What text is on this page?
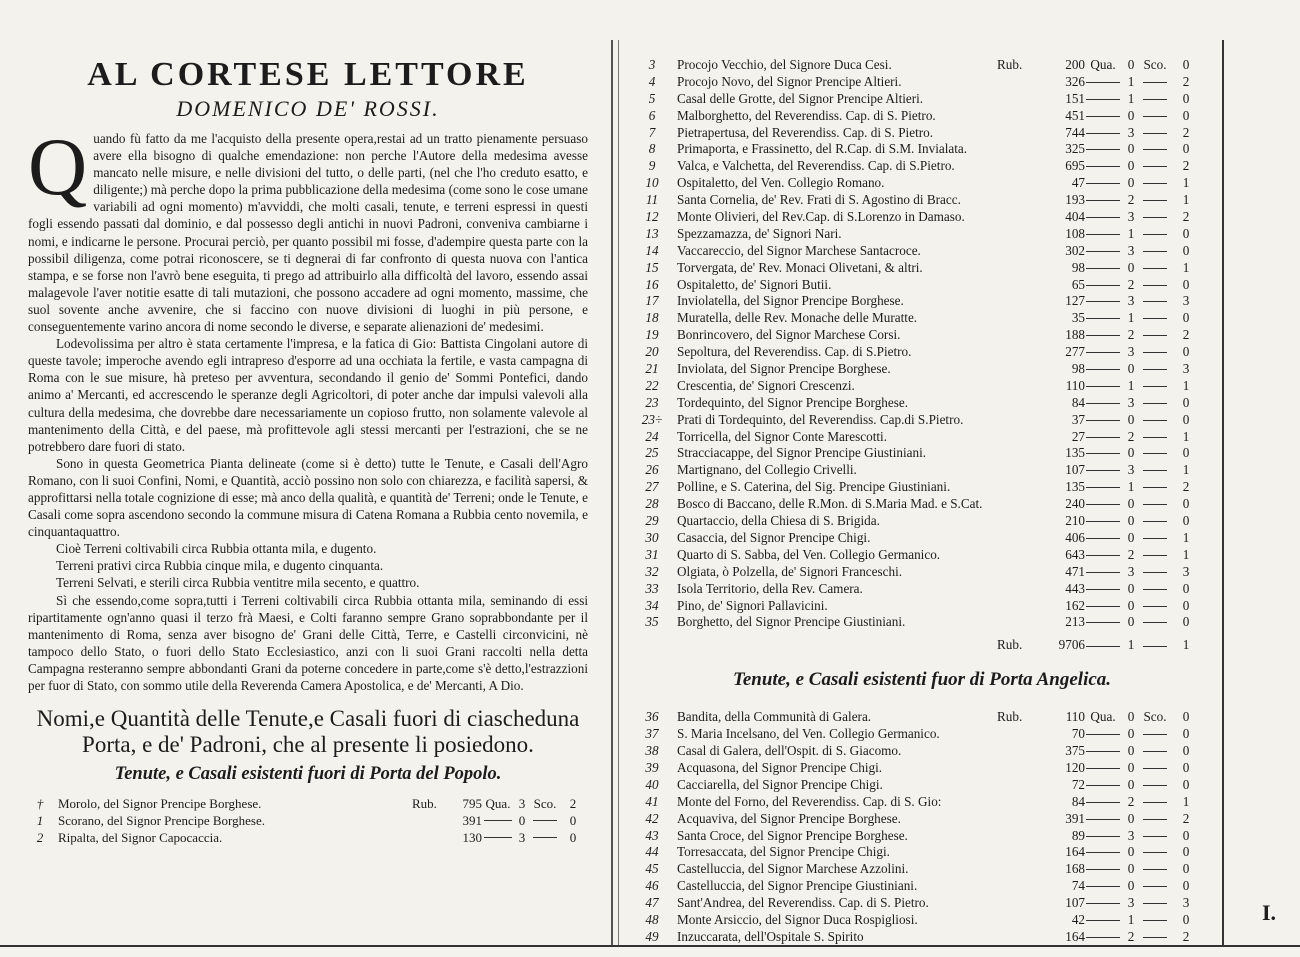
AL CORTESE LETTORE
DOMENICO DE' ROSSI.

Quando fù fatto da me l'acquisto della presente opera,restai ad un tratto pienamente persuaso avere ella bisogno di qualche emendazione: non perche l'Autore della medesima avesse mancato nelle misure, e nelle divisioni del tutto, o delle parti, (nel che l'ho creduto esatto, e diligente;) mà perche dopo la prima pubblicazione della medesima (come sono le cose umane variabili ad ogni momento) m'avviddi, che molti casali, tenute, e terreni espressi in questi fogli essendo passati dal dominio, e dal possesso degli antichi in nuovi Padroni, conveniva cambiarne i nomi, e indicarne le persone. Procurai perciò, per quanto possibil mi fosse, d'adempire questa parte con la possibil diligenza, come potrai riconoscere, se ti degnerai di far confronto di questa nuova con l'antica stampa, e se forse non l'avrò bene eseguita, ti prego ad attribuirlo alla difficoltà del lavoro, essendo assai malagevole l'aver notitie esatte di tali mutazioni, che possono accadere ad ogni momento, massime, che suol sovente anche avvenire, che si faccino con nuove divisioni di luoghi in più persone, e conseguentemente varino ancora di nome secondo le diverse, e separate alienazioni de' medesimi.

Lodevolissima per altro è stata certamente l'impresa, e la fatica di Gio: Battista Cingolani autore di queste tavole; imperoche avendo egli intrapreso d'esporre ad una occhiata la fertile, e vasta campagna di Roma con le sue misure, hà preteso per avventura, secondando il genio de' Sommi Pontefici, dando animo a' Mercanti, ed accrescendo le speranze degli Agricoltori, di poter anche dar impulsi valevoli alla cultura della medesima, che dovrebbe dare necessariamente un copioso frutto, non solamente valevole al mantenimento della Città, e del paese, mà profittevole agli stessi mercanti per l'estrazioni, che se ne potrebbero dare fuori di stato.

Sono in questa Geometrica Pianta delineate (come si è detto) tutte le Tenute, e Casali dell'Agro Romano, con li suoi Confini, Nomi, e Quantità, acciò possino non solo con chiarezza, e facilità sapersi, & approfittarsi nella totale cognizione di esse; mà anco della qualità, e quantità de' Terreni; onde le Tenute, e Casali come sopra ascendono secondo la commune misura di Catena Romana a Rubbia cento novemila, e cinquantaquattro.

Cioè Terreni coltivabili circa Rubbia ottanta mila, e dugento.

Terreni prativi circa Rubbia cinque mila, e dugento cinquanta.

Terreni Selvati, e sterili circa Rubbia ventitre mila secento, e quattro.

Sì che essendo,come sopra,tutti i Terreni coltivabili circa Rubbia ottanta mila, seminando di essi ripartitamente ogn'anno quasi il terzo frà Maesi, e Colti faranno sempre Grano soprabbondante per il mantenimento di Roma, senza aver bisogno de' Grani delle Città, Terre, e Castelli circonvicini, nè tampoco dello Stato, o fuori dello Stato Ecclesiastico, anzi con li suoi Grani raccolti nella detta Campagna resteranno sempre abbondanti Grani da poterne concedere in parte,come s'è detto,l'estrazzioni per fuor di Stato, con sommo utile della Reverenda Camera Apostolica, e de' Mercanti, A Dio.

Nomi,e Quantità delle Tenute,e Casali fuori di ciascheduna
Porta, e de' Padroni, che al presente li posiedono.
Tenute, e Casali esistenti fuori di Porta del Popolo.
†	Morolo, del Signor Prencipe Borghese.	Rub.	795 Qua. 3 Sco.	2
1	Scorano, del Signor Prencipe Borghese.	391	0	0
2	Ripalta, del Signor Capocaccia.	130	3	0
3	Procojo Vecchio, del Signore Duca Cesi.	Rub.	200 Qua. 0 Sco.	0
4	Procojo Novo, del Signor Prencipe Altieri.	326	1	2
5	Casal delle Grotte, del Signor Prencipe Altieri.	151	1	0
6	Malborghetto, del Reverendiss. Cap. di S. Pietro.	451	0	0
7	Pietrapertusa, del Reverendiss. Cap. di S. Pietro.	744	3	2
8	Primaporta, e Frassinetto, del R.Cap. di S.M. Invialata.	325	0	0
9	Valca, e Valchetta, del Reverendiss. Cap. di S.Pietro.	695	0	2
10	Ospitaletto, del Ven. Collegio Romano.	47	0	1
11	Santa Cornelia, de' Rev. Frati di S. Agostino di Bracc.	193	2	1
12	Monte Olivieri, del Rev.Cap. di S.Lorenzo in Damaso.	404	3	2
13	Spezzamazza, de' Signori Nari.	108	1	0
14	Vaccareccio, del Signor Marchese Santacroce.	302	3	0
15	Torvergata, de' Rev. Monaci Olivetani, & altri.	98	0	1
16	Ospitaletto, de' Signori Butii.	65	2	0
17	Inviolatella, del Signor Prencipe Borghese.	127	3	3
18	Muratella, delle Rev. Monache delle Muratte.	35	1	0
19	Bonrincovero, del Signor Marchese Corsi.	188	2	2
20	Sepoltura, del Reverendiss. Cap. di S.Pietro.	277	3	0
21	Inviolata, del Signor Prencipe Borghese.	98	0	3
22	Crescentia, de' Signori Crescenzi.	110	1	1
23	Tordequinto, del Signor Prencipe Borghese.	84	3	0
23÷	Prati di Tordequinto, del Reverendiss. Cap.di S.Pietro.	37	0	0
24	Torricella, del Signor Conte Marescotti.	27	2	1
25	Stracciacappe, del Signor Prencipe Giustiniani.	135	0	0
26	Martignano, del Collegio Crivelli.	107	3	1
27	Polline, e S. Caterina, del Sig. Prencipe Giustiniani.	135	1	2
28	Bosco di Baccano, delle R.Mon. di S.Maria Mad. e S.Cat.	240	0	0
29	Quartaccio, della Chiesa di S. Brigida.	210	0	0
30	Casaccia, del Signor Prencipe Chigi.	406	0	1
31	Quarto di S. Sabba, del Ven. Collegio Germanico.	643	2	1
32	Olgiata, ò Polzella, de' Signori Franceschi.	471	3	3
33	Isola Territorio, della Rev. Camera.	443	0	0
34	Pino, de' Signori Pallavicini.	162	0	0
35	Borghetto, del Signor Prencipe Giustiniani.	213	0	0
Rub.	9706	1	1
Tenute, e Casali esistenti fuor di Porta Angelica.
36	Bandita, della Communità di Galera.	Rub.	110 Qua. 0 Sco.	0
37	S. Maria Incelsano, del Ven. Collegio Germanico.	70	0	0
38	Casal di Galera, dell'Ospit. di S. Giacomo.	375	0	0
39	Acquasona, del Signor Prencipe Chigi.	120	0	0
40	Cacciarella, del Signor Prencipe Chigi.	72	0	0
41	Monte del Forno, del Reverendiss. Cap. di S. Gio:	84	2	1
42	Acquaviva, del Signor Prencipe Borghese.	391	0	2
43	Santa Croce, del Signor Prencipe Borghese.	89	3	0
44	Torresaccata, del Signor Prencipe Chigi.	164	0	0
45	Castelluccia, del Signor Marchese Azzolini.	168	0	0
46	Castelluccia, del Signor Prencipe Giustiniani.	74	0	0
47	Sant'Andrea, del Reverendiss. Cap. di S. Pietro.	107	3	3
48	Monte Arsiccio, del Signor Duca Rospigliosi.	42	1	0
49	Inzuccarata, dell'Ospitale S. Spirito	164	2	2
I.
